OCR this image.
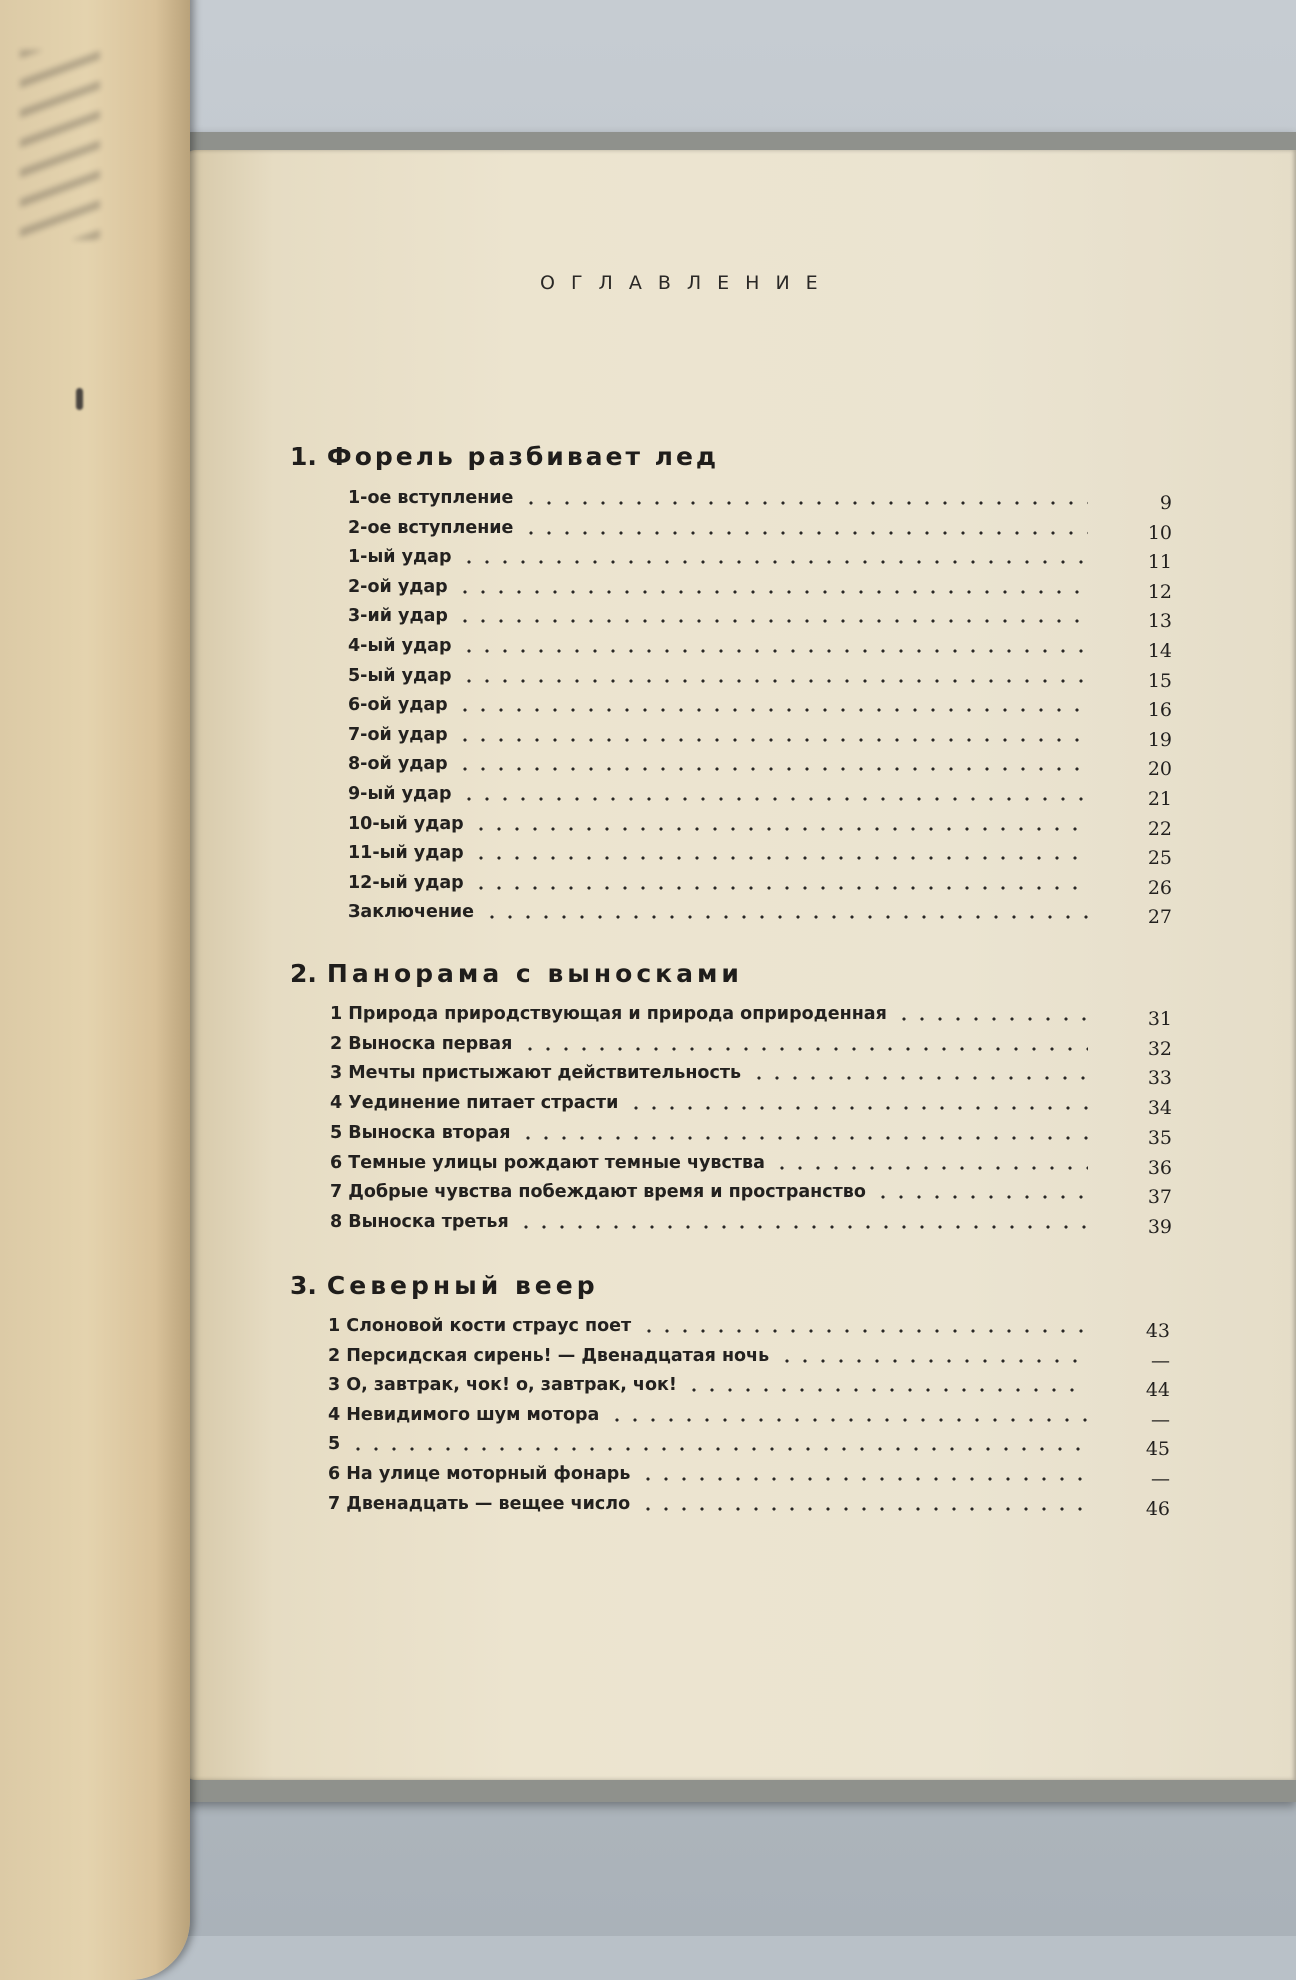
ОГЛАВЛЕНИЕ
1. Форель разбивает лед
2. Панорама с выносками
3. Северный веер
1-ое вступление	9
2-ое вступление	10
1-ый удар	11
2-ой удар	12
3-ий удар	13
4-ый удар	14
5-ый удар	15
6-ой удар	16
7-ой удар	19
8-ой удар	20
9-ый удар	21
10-ый удар	22
11-ый удар	25
12-ый удар	26
Заключение	27
1 Природа природствующая и природа оприроденная	31
2 Выноска первая	32
3 Мечты пристыжают действительность	33
4 Уединение питает страсти	34
5 Выноска вторая	35
6 Темные улицы рождают темные чувства	36
7 Добрые чувства побеждают время и пространство	37
8 Выноска третья	39
1 Слоновой кости страус поет	43
2 Персидская сирень! — Двенадцатая ночь	—
3 О, завтрак, чок! о, завтрак, чок!	44
4 Невидимого шум мотора	—
5	45
6 На улице моторный фонарь	—
7 Двенадцать — вещее число	46
